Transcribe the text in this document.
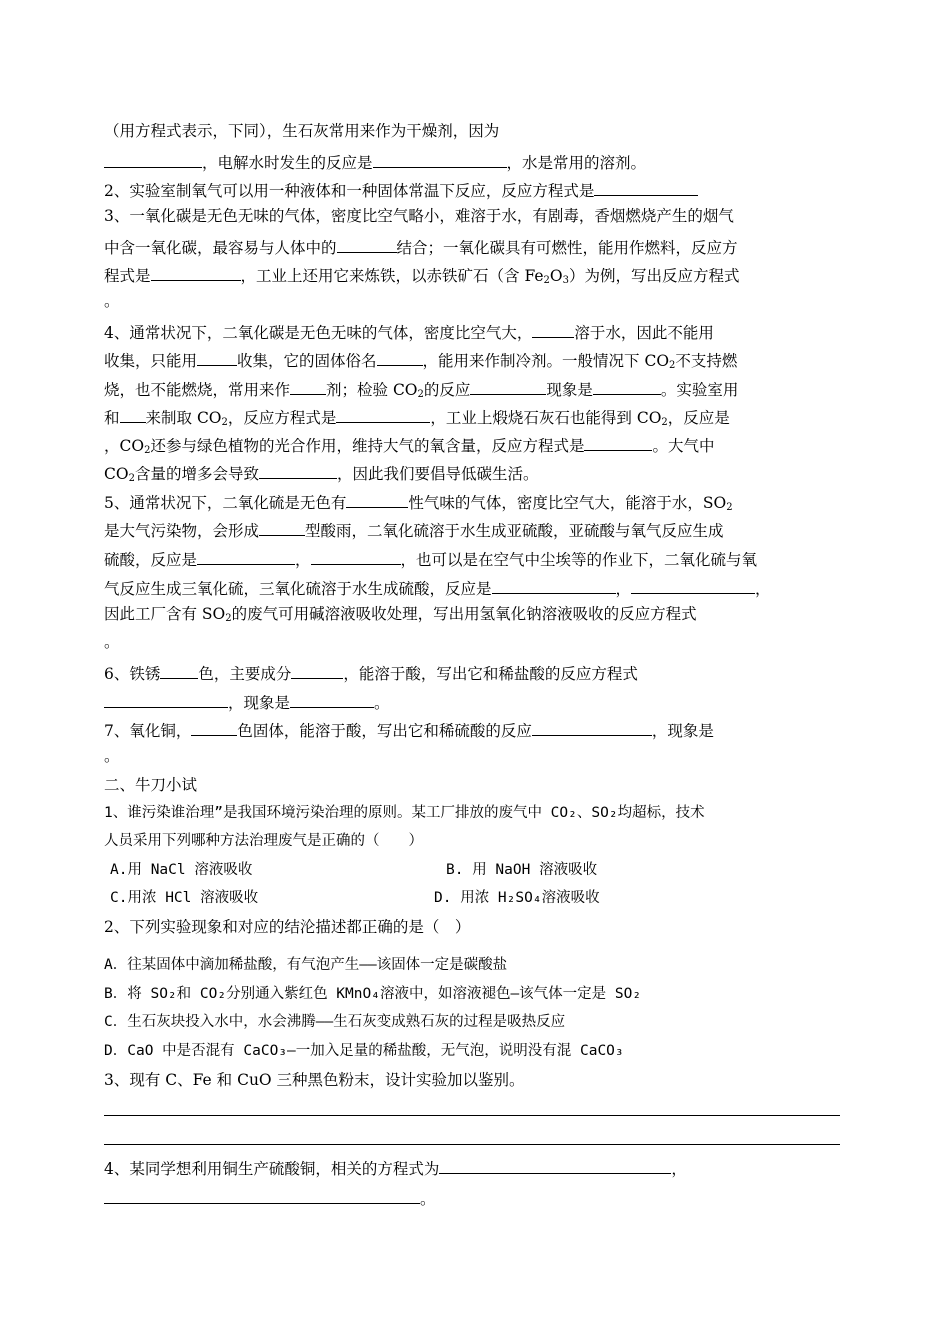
（用方程式表示，下同），生石灰常用来作为干燥剂，因为
，电解水时发生的反应是	，水是常用的溶剂。
2、实验室制氧气可以用一种液体和一种固体常温下反应，反应方程式是
3、一氧化碳是无色无味的气体，密度比空气略小，难溶于水，有剧毒，香烟燃烧产生的烟气
中含一氧化碳，最容易与人体中的	结合；一氧化碳具有可燃性，能用作燃料，反应方
程式是	，工业上还用它来炼铁，以赤铁矿石（含 $Fe_2O_3$）为例，写出反应方程式
。
4、通常状况下，二氧化碳是无色无味的气体，密度比空气大，	溶于水，因此不能用
收集，只能用	收集，它的固体俗名	，能用来作制冷剂。一般情况下 $CO_2$不支持燃
烧，也不能燃烧，常用来作 剂；检验 $CO_2$的反应	现象是	。实验室用
和 来制取 $CO_2$，反应方程式是	，工业上煅烧石灰石也能得到 $CO_2$，反应是
，$CO_2$还参与绿色植物的光合作用，维持大气的氧含量，反应方程式是	。大气中
$CO_2$含量的增多会导致	，因此我们要倡导低碳生活。
5、通常状况下，二氧化硫是无色有	性气味的气体，密度比空气大，能溶于水，$SO_2$
是大气污染物，会形成	型酸雨，二氧化硫溶于水生成亚硫酸，亚硫酸与氧气反应生成
硫酸，反应是	，	，也可以是在空气中尘埃等的作业下，二氧化硫与氧
气反应生成三氧化硫，三氧化硫溶于水生成硫酸，反应是	，	，
因此工厂含有 $SO_2$的废气可用碱溶液吸收处理，写出用氢氧化钠溶液吸收的反应方程式
。
6、铁锈 色，主要成分	，能溶于酸，写出它和稀盐酸的反应方程式
，现象是	。
7、氧化铜，	色固体，能溶于酸，写出它和稀硫酸的反应	，现象是
。
二、牛刀小试
1、谁污染谁治理”是我国环境污染治理的原则。某工厂排放的废气中 CO₂、SO₂均超标，技术
人员采用下列哪种方法治理废气是正确的（　　）
A.用 NaCl 溶液吸收	B. 用 NaOH 溶液吸收
C.用浓 HCl 溶液吸收	D. 用浓 H₂SO₄溶液吸收
2、下列实验现象和对应的结沦描述都正确的是（　）
A．往某固体中滴加稀盐酸，有气泡产生——该固体一定是碳酸盐
B．将 SO₂和 CO₂分别通入紫红色 KMnO₄溶液中，如溶液褪色—该气体一定是 SO₂
C．生石灰块投入水中，水会沸腾——生石灰变成熟石灰的过程是吸热反应
D．CaO 中是否混有 CaCO₃—一加入足量的稀盐酸，无气泡，说明没有混 CaCO₃
3、现有 C、Fe 和 CuO 三种黑色粉末，设计实验加以鉴别。
4、某同学想利用铜生产硫酸铜，相关的方程式为	，
。
